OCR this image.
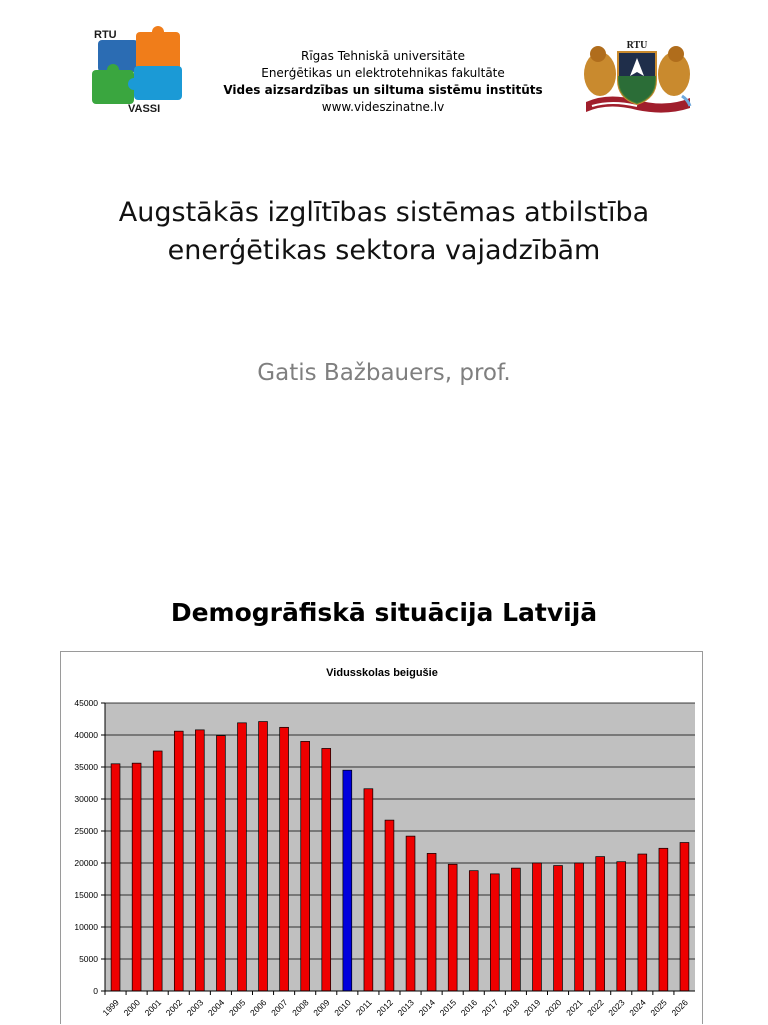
RTU
VASSI
Rīgas Tehniskā universitāte
Enerģētikas un elektrotehnikas fakultāte
Vides aizsardzības un siltuma sistēmu institūts
www.videszinatne.lv
RTU
Augstākās izglītības sistēmas atbilstība
enerģētikas sektora vajadzībām
Gatis Bažbauers, prof.
Demogrāfiskā situācija Latvijā
Vidusskolas beigušie
0
5000
10000
15000
20000
25000
30000
35000
40000
45000
1999 2000 2001 2002 2003 2004 2005 2006 2007 2008 2009 2010 2011 2012 2013 2014 2015 2016 2017 2018 2019 2020 2021 2022 2023 2024 2025 2026
